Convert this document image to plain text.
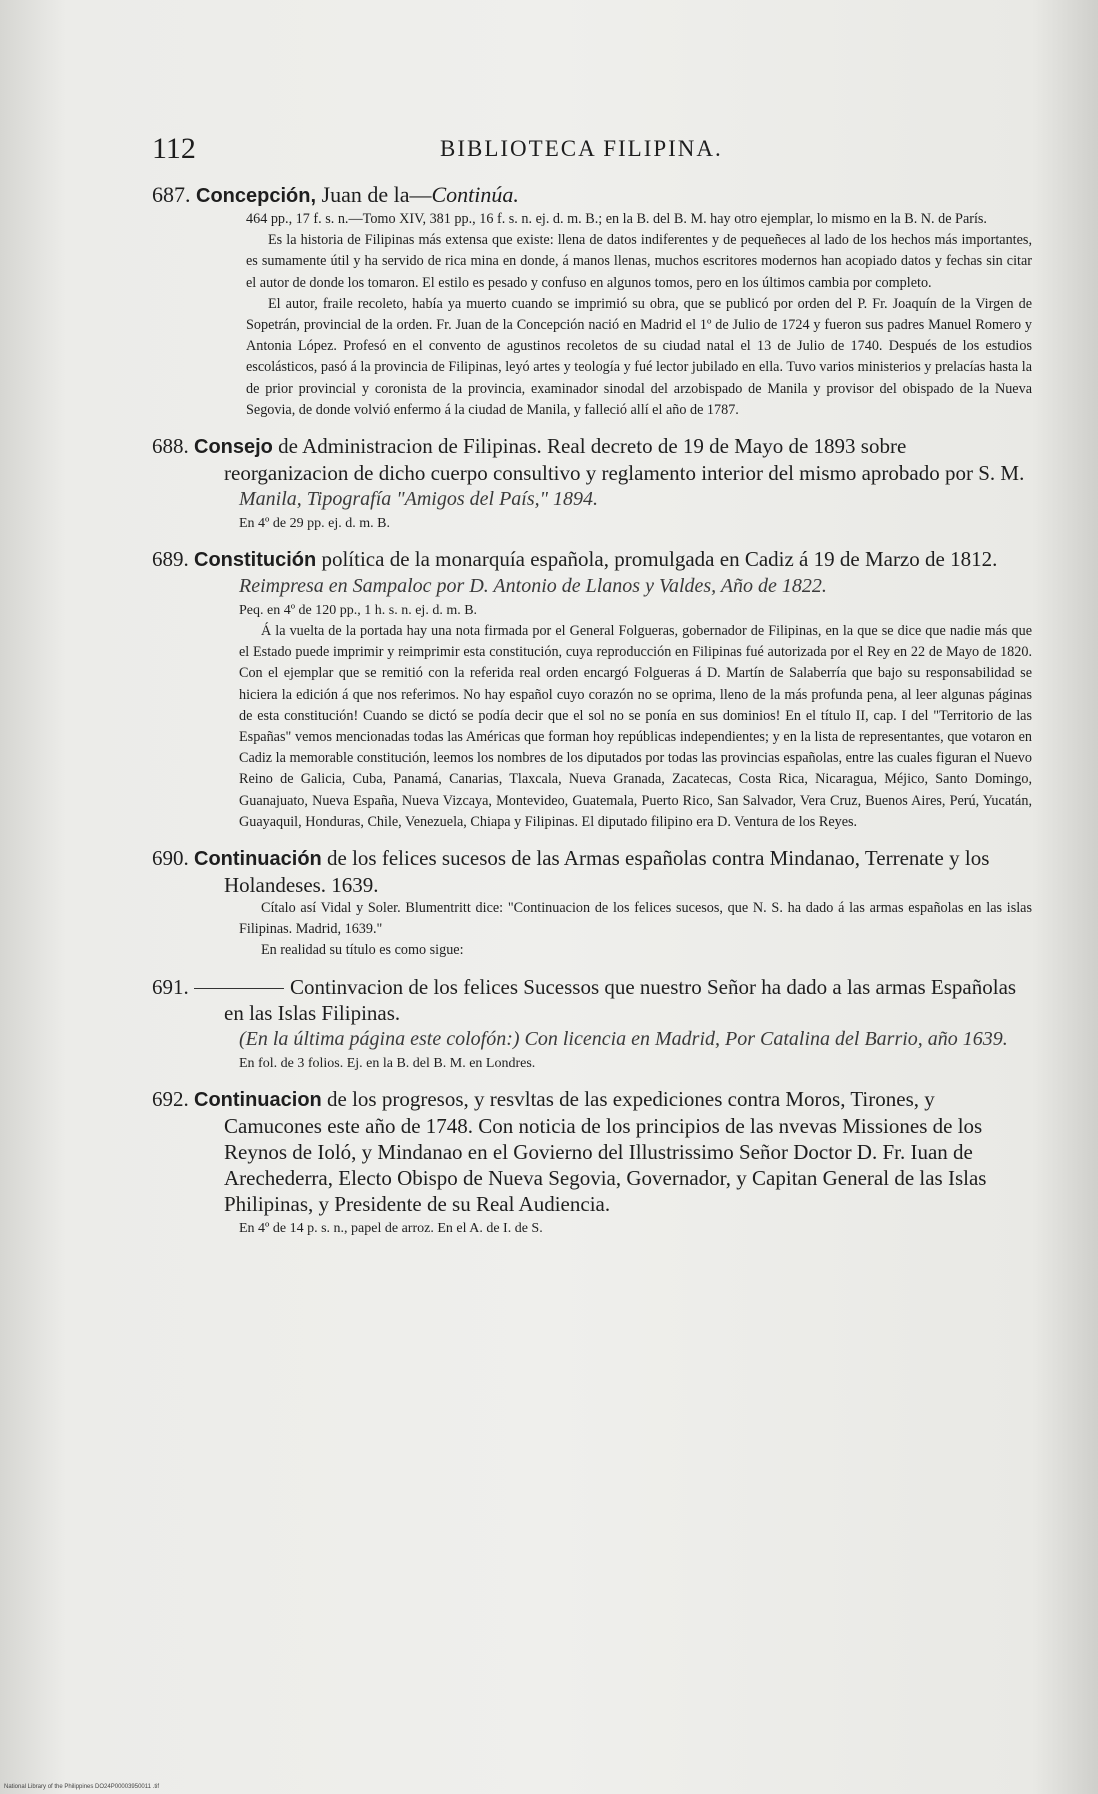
112	BIBLIOTECA FILIPINA.
687. Concepción, Juan de la—Continúa.

464 pp., 17 f. s. n.—Tomo XIV, 381 pp., 16 f. s. n. ej. d. m. B.; en la B. del B. M. hay otro ejemplar, lo mismo en la B. N. de París.

Es la historia de Filipinas más extensa que existe: llena de datos indiferentes y de pequeñeces al lado de los hechos más importantes, es sumamente útil y ha servido de rica mina en donde, á manos llenas, muchos escritores modernos han acopiado datos y fechas sin citar el autor de donde los tomaron. El estilo es pesado y confuso en algunos tomos, pero en los últimos cambia por completo.

El autor, fraile recoleto, había ya muerto cuando se imprimió su obra, que se publicó por orden del P. Fr. Joaquín de la Virgen de Sopetrán, provincial de la orden. Fr. Juan de la Concepción nació en Madrid el 1º de Julio de 1724 y fueron sus padres Manuel Romero y Antonia López. Profesó en el convento de agustinos recoletos de su ciudad natal el 13 de Julio de 1740. Después de los estudios escolásticos, pasó á la provincia de Filipinas, leyó artes y teología y fué lector jubilado en ella. Tuvo varios ministerios y prelacías hasta la de prior provincial y coronista de la provincia, examinador sinodal del arzobispado de Manila y provisor del obispado de la Nueva Segovia, de donde volvió enfermo á la ciudad de Manila, y falleció allí el año de 1787.

688. Consejo de Administracion de Filipinas. Real decreto de 19 de Mayo de 1893 sobre reorganizacion de dicho cuerpo consultivo y reglamento interior del mismo aprobado por S. M.
Manila, Tipografía "Amigos del País," 1894.
En 4º de 29 pp. ej. d. m. B.
689. Constitución política de la monarquía española, promulgada en Cadiz á 19 de Marzo de 1812.
Reimpresa en Sampaloc por D. Antonio de Llanos y Valdes, Año de 1822.
Peq. en 4º de 120 pp., 1 h. s. n. ej. d. m. B.

Á la vuelta de la portada hay una nota firmada por el General Folgueras, gobernador de Filipinas, en la que se dice que nadie más que el Estado puede imprimir y reimprimir esta constitución, cuya reproducción en Filipinas fué autorizada por el Rey en 22 de Mayo de 1820. Con el ejemplar que se remitió con la referida real orden encargó Folgueras á D. Martín de Salaberría que bajo su responsabilidad se hiciera la edición á que nos referimos. No hay español cuyo corazón no se oprima, lleno de la más profunda pena, al leer algunas páginas de esta constitución! Cuando se dictó se podía decir que el sol no se ponía en sus dominios! En el título II, cap. I del "Territorio de las Españas" vemos mencionadas todas las Américas que forman hoy repúblicas independientes; y en la lista de representantes, que votaron en Cadiz la memorable constitución, leemos los nombres de los diputados por todas las provincias españolas, entre las cuales figuran el Nuevo Reino de Galicia, Cuba, Panamá, Canarias, Tlaxcala, Nueva Granada, Zacatecas, Costa Rica, Nicaragua, Méjico, Santo Domingo, Guanajuato, Nueva España, Nueva Vizcaya, Montevideo, Guatemala, Puerto Rico, San Salvador, Vera Cruz, Buenos Aires, Perú, Yucatán, Guayaquil, Honduras, Chile, Venezuela, Chiapa y Filipinas. El diputado filipino era D. Ventura de los Reyes.

690. Continuación de los felices sucesos de las Armas españolas contra Mindanao, Terrenate y los Holandeses. 1639.

Cítalo así Vidal y Soler. Blumentritt dice: "Continuacion de los felices sucesos, que N. S. ha dado á las armas españolas en las islas Filipinas. Madrid, 1639."

En realidad su título es como sigue:

691.	Continvacion de los felices Sucessos que nuestro Señor ha dado a las armas Españolas en las Islas Filipinas.
(En la última página este colofón:) Con licencia en Madrid, Por Catalina del Barrio, año 1639.
En fol. de 3 folios. Ej. en la B. del B. M. en Londres.
692. Continuacion de los progresos, y resvltas de las expediciones contra Moros, Tirones, y Camucones este año de 1748. Con noticia de los principios de las nvevas Missiones de los Reynos de Ioló, y Mindanao en el Govierno del Illustrissimo Señor Doctor D. Fr. Iuan de Arechederra, Electo Obispo de Nueva Segovia, Governador, y Capitan General de las Islas Philipinas, y Presidente de su Real Audiencia.
En 4º de 14 p. s. n., papel de arroz. En el A. de I. de S.
National Library of the Philippines DO24P00003950011 .tif
